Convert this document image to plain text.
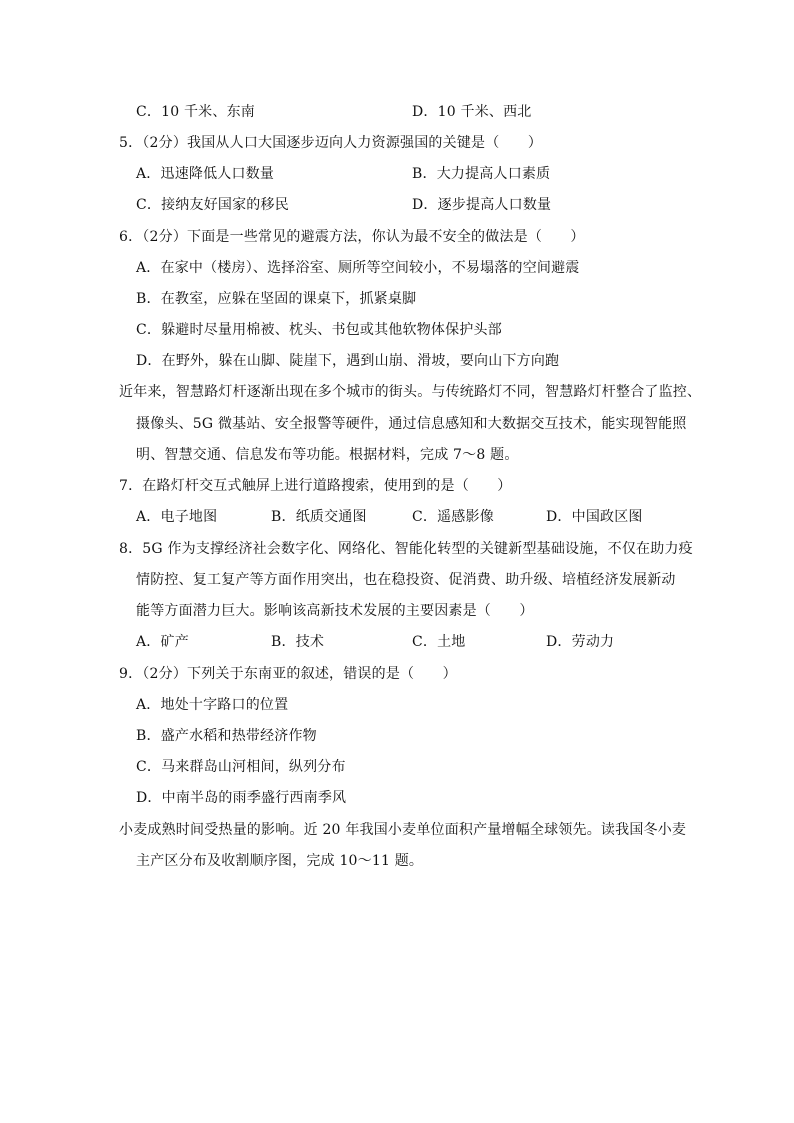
C．10 千米、东南	D．10 千米、西北
5．（2分）我国从人口大国逐步迈向人力资源强国的关键是（　　）
A．迅速降低人口数量	B．大力提高人口素质
C．接纳友好国家的移民	D．逐步提高人口数量
6．（2分）下面是一些常见的避震方法，你认为最不安全的做法是（　　）
A．在家中（楼房）、选择浴室、厕所等空间较小，不易塌落的空间避震
B．在教室，应躲在坚固的课桌下，抓紧桌脚
C．躲避时尽量用棉被、枕头、书包或其他软物体保护头部
D．在野外，躲在山脚、陡崖下，遇到山崩、滑坡，要向山下方向跑
近年来，智慧路灯杆逐渐出现在多个城市的街头。与传统路灯不同，智慧路灯杆整合了监控、
摄像头、5G 微基站、安全报警等硬件，通过信息感知和大数据交互技术，能实现智能照
明、智慧交通、信息发布等功能。根据材料，完成 7～8 题。
7．在路灯杆交互式触屏上进行道路搜索，使用到的是（　　）
A．电子地图	B．纸质交通图	C．遥感影像	D．中国政区图
8．5G 作为支撑经济社会数字化、网络化、智能化转型的关键新型基础设施，不仅在助力疫
情防控、复工复产等方面作用突出，也在稳投资、促消费、助升级、培植经济发展新动
能等方面潜力巨大。影响该高新技术发展的主要因素是（　　）
A．矿产	B．技术	C．土地	D．劳动力
9．（2分）下列关于东南亚的叙述，错误的是（　　）
A．地处十字路口的位置
B．盛产水稻和热带经济作物
C．马来群岛山河相间，纵列分布
D．中南半岛的雨季盛行西南季风
小麦成熟时间受热量的影响。近 20 年我国小麦单位面积产量增幅全球领先。读我国冬小麦
主产区分布及收割顺序图，完成 10～11 题。
